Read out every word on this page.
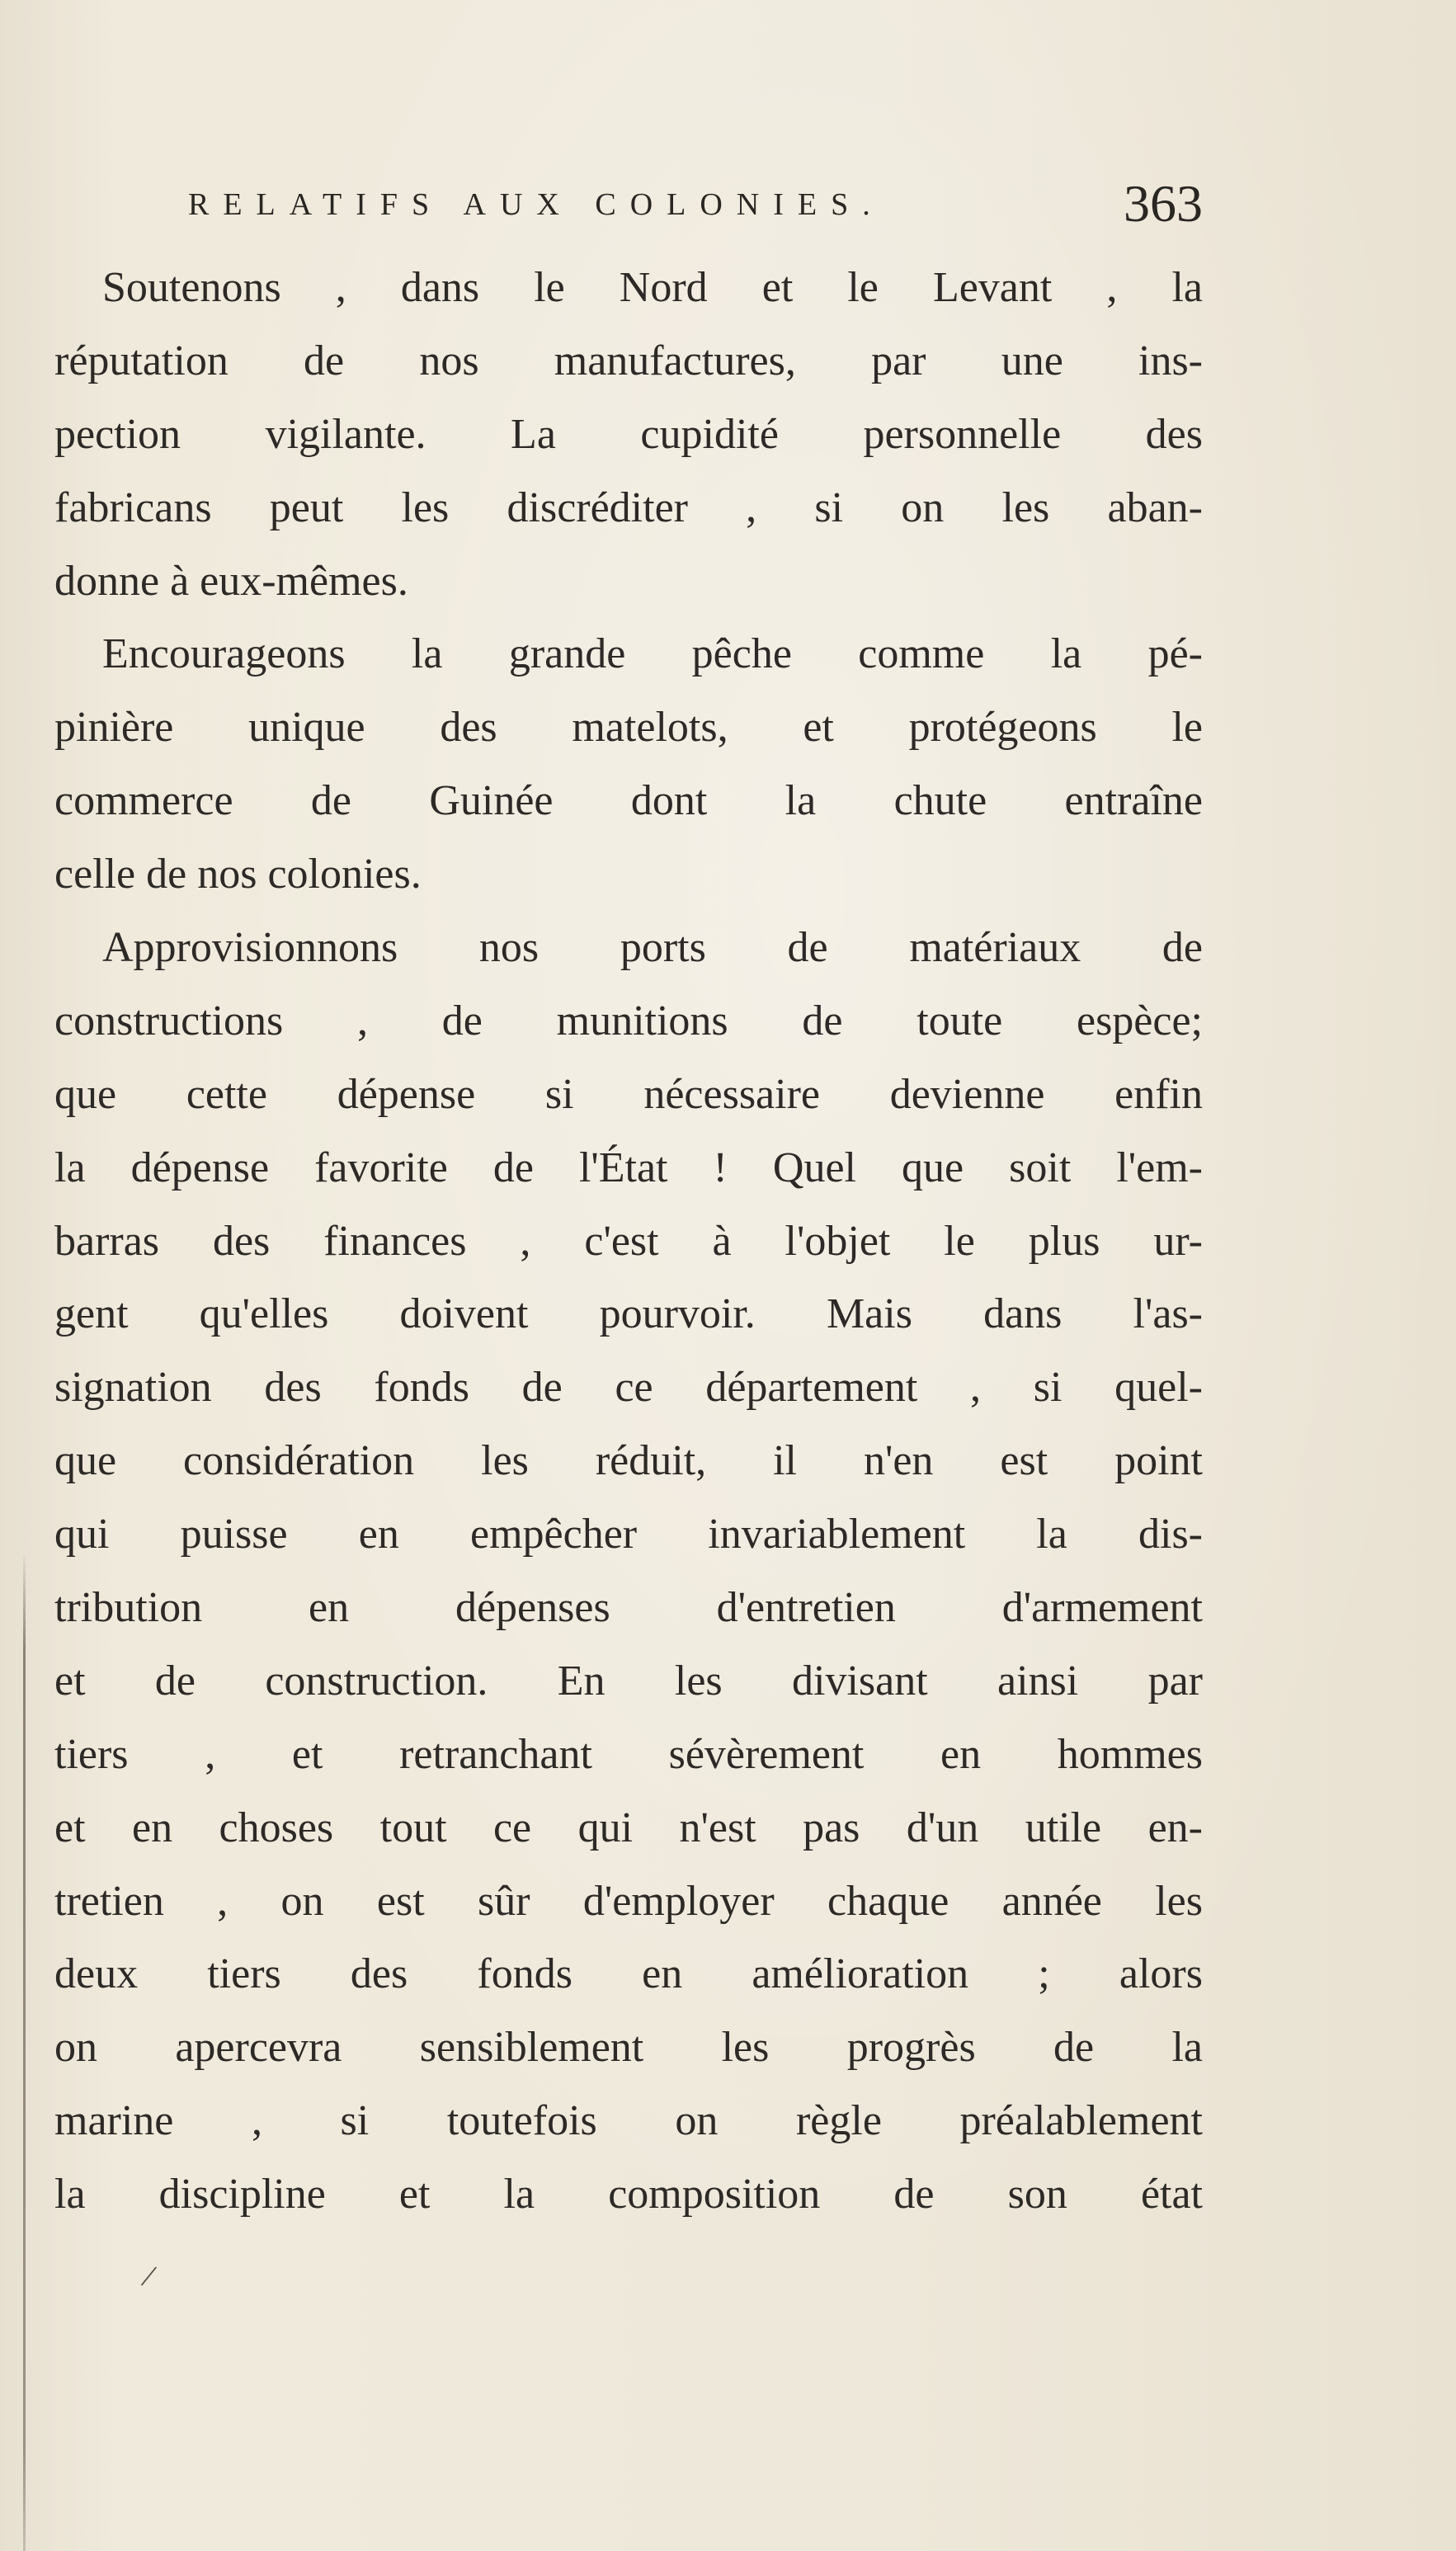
RELATIFS AUX COLONIES.	363
Soutenons , dans le Nord et le Levant , la
réputation de nos manufactures, par une ins-
pection vigilante. La cupidité personnelle des
fabricans peut les discréditer , si on les aban-
donne à eux-mêmes.
Encourageons la grande pêche comme la pé-
pinière unique des matelots, et protégeons le
commerce de Guinée dont la chute entraîne
celle de nos colonies.
Approvisionnons nos ports de matériaux de
constructions , de munitions de toute espèce;
que cette dépense si nécessaire devienne enfin
la dépense favorite de l'État ! Quel que soit l'em-
barras des finances , c'est à l'objet le plus ur-
gent qu'elles doivent pourvoir. Mais dans l'as-
signation des fonds de ce département , si quel-
que considération les réduit, il n'en est point
qui puisse en empêcher invariablement la dis-
tribution en dépenses d'entretien d'armement
et de construction. En les divisant ainsi par
tiers , et retranchant sévèrement en hommes
et en choses tout ce qui n'est pas d'un utile en-
tretien , on est sûr d'employer chaque année les
deux tiers des fonds en amélioration ; alors
on apercevra sensiblement les progrès de la
marine , si toutefois on règle préalablement
la discipline et la composition de son état
/
